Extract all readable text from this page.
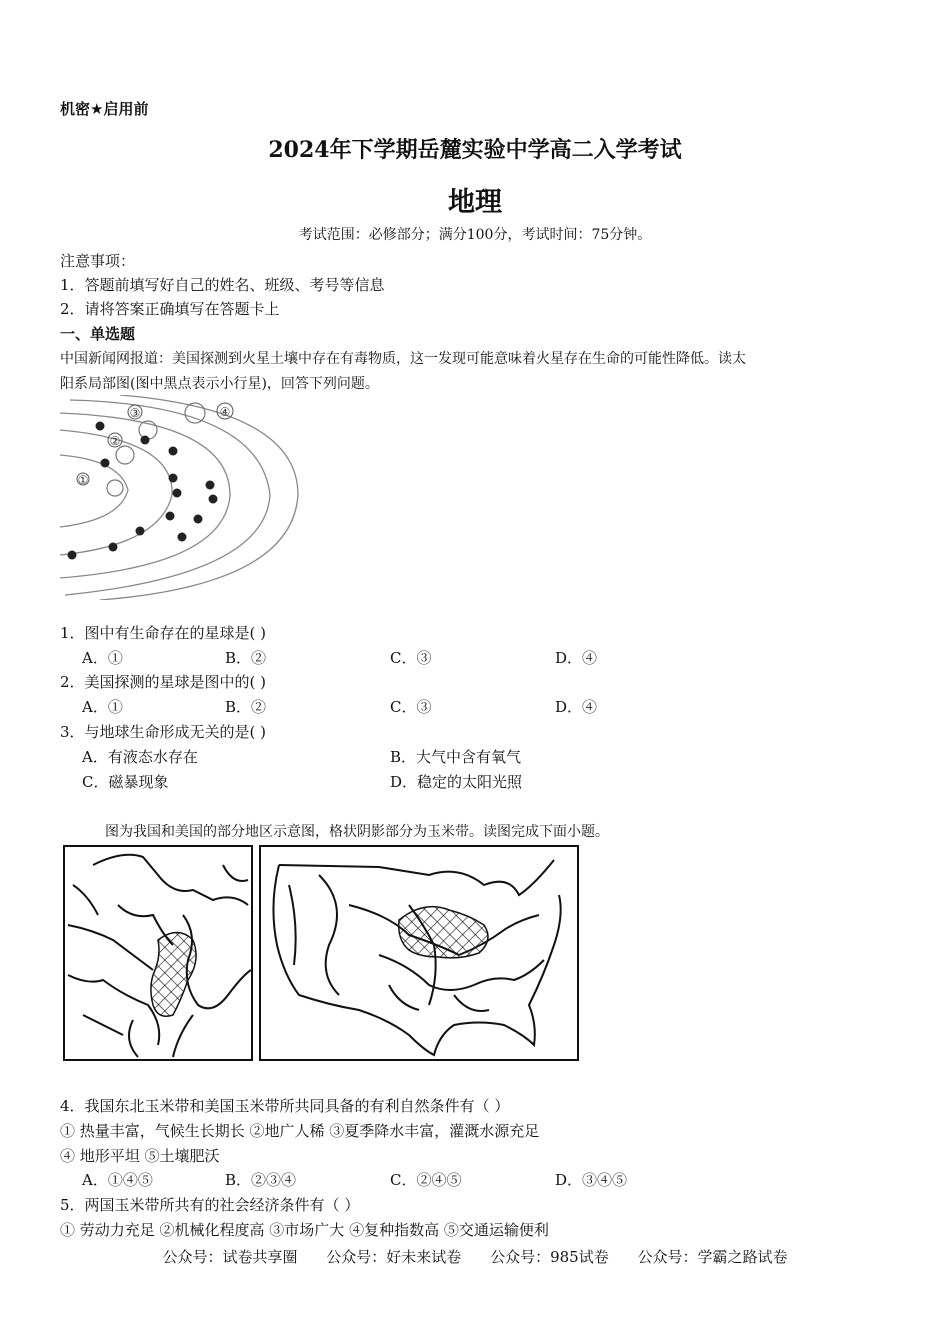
机密★启用前
2024年下学期岳麓实验中学高二入学考试
地理
考试范围：必修部分；满分100分，考试时间：75分钟。
注意事项：
1．答题前填写好自己的姓名、班级、考号等信息
2．请将答案正确填写在答题卡上
一、单选题
中国新闻网报道：美国探测到火星土壤中存在有毒物质，这一发现可能意味着火星存在生命的可能性降低。读太
阳系局部图(图中黑点表示小行星)，回答下列问题。
①
②
③	④
1．图中有生命存在的星球是( )
A．①	B．②	C．③	D．④
2．美国探测的星球是图中的( )
A．①	B．②	C．③	D．④
3．与地球生命形成无关的是( )
A．有液态水存在	B．大气中含有氧气
C．磁暴现象	D．稳定的太阳光照
图为我国和美国的部分地区示意图，格状阴影部分为玉米带。读图完成下面小题。
4．我国东北玉米带和美国玉米带所共同具备的有利自然条件有（ ）
① 热量丰富，气候生长期长 ②地广人稀 ③夏季降水丰富，灌溉水源充足
④ 地形平坦 ⑤土壤肥沃
A．①④⑤	B．②③④	C．②④⑤	D．③④⑤
5．两国玉米带所共有的社会经济条件有（ ）
① 劳动力充足 ②机械化程度高 ③市场广大 ④复种指数高 ⑤交通运输便利
公众号：试卷共享圈 公众号：好未来试卷 公众号：985试卷 公众号：学霸之路试卷
